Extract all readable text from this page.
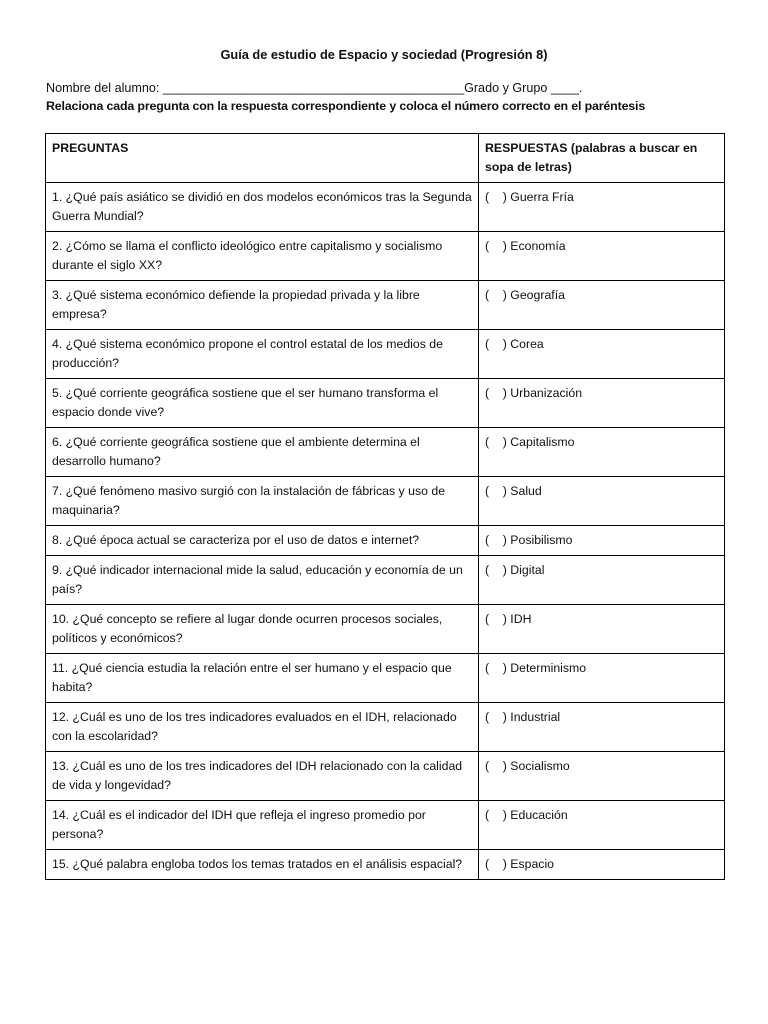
Guía de estudio de Espacio y sociedad (Progresión 8)
Nombre del alumno: ___________________________________________Grado y Grupo ____.
Relaciona cada pregunta con la respuesta correspondiente y coloca el número correcto en el paréntesis
PREGUNTAS	RESPUESTAS (palabras a buscar en sopa de letras)
1. ¿Qué país asiático se dividió en dos modelos económicos tras la Segunda Guerra Mundial?	(    ) Guerra Fría
2. ¿Cómo se llama el conflicto ideológico entre capitalismo y socialismo durante el siglo XX?	(    ) Economía
3. ¿Qué sistema económico defiende la propiedad privada y la libre empresa?	(    ) Geografía
4. ¿Qué sistema económico propone el control estatal de los medios de producción?	(    ) Corea
5. ¿Qué corriente geográfica sostiene que el ser humano transforma el espacio donde vive?	(    ) Urbanización
6. ¿Qué corriente geográfica sostiene que el ambiente determina el desarrollo humano?	(    ) Capitalismo
7. ¿Qué fenómeno masivo surgió con la instalación de fábricas y uso de maquinaria?	(    ) Salud
8. ¿Qué época actual se caracteriza por el uso de datos e internet?	(    ) Posibilismo
9. ¿Qué indicador internacional mide la salud, educación y economía de un país?	(    ) Digital
10. ¿Qué concepto se refiere al lugar donde ocurren procesos sociales, políticos y económicos?	(    ) IDH
11. ¿Qué ciencia estudia la relación entre el ser humano y el espacio que habita?	(    ) Determinismo
12. ¿Cuál es uno de los tres indicadores evaluados en el IDH, relacionado con la escolaridad?	(    ) Industrial
13. ¿Cuál es uno de los tres indicadores del IDH relacionado con la calidad de vida y longevidad?	(    ) Socialismo
14. ¿Cuál es el indicador del IDH que refleja el ingreso promedio por persona?	(    ) Educación
15. ¿Qué palabra engloba todos los temas tratados en el análisis espacial?	(    ) Espacio
